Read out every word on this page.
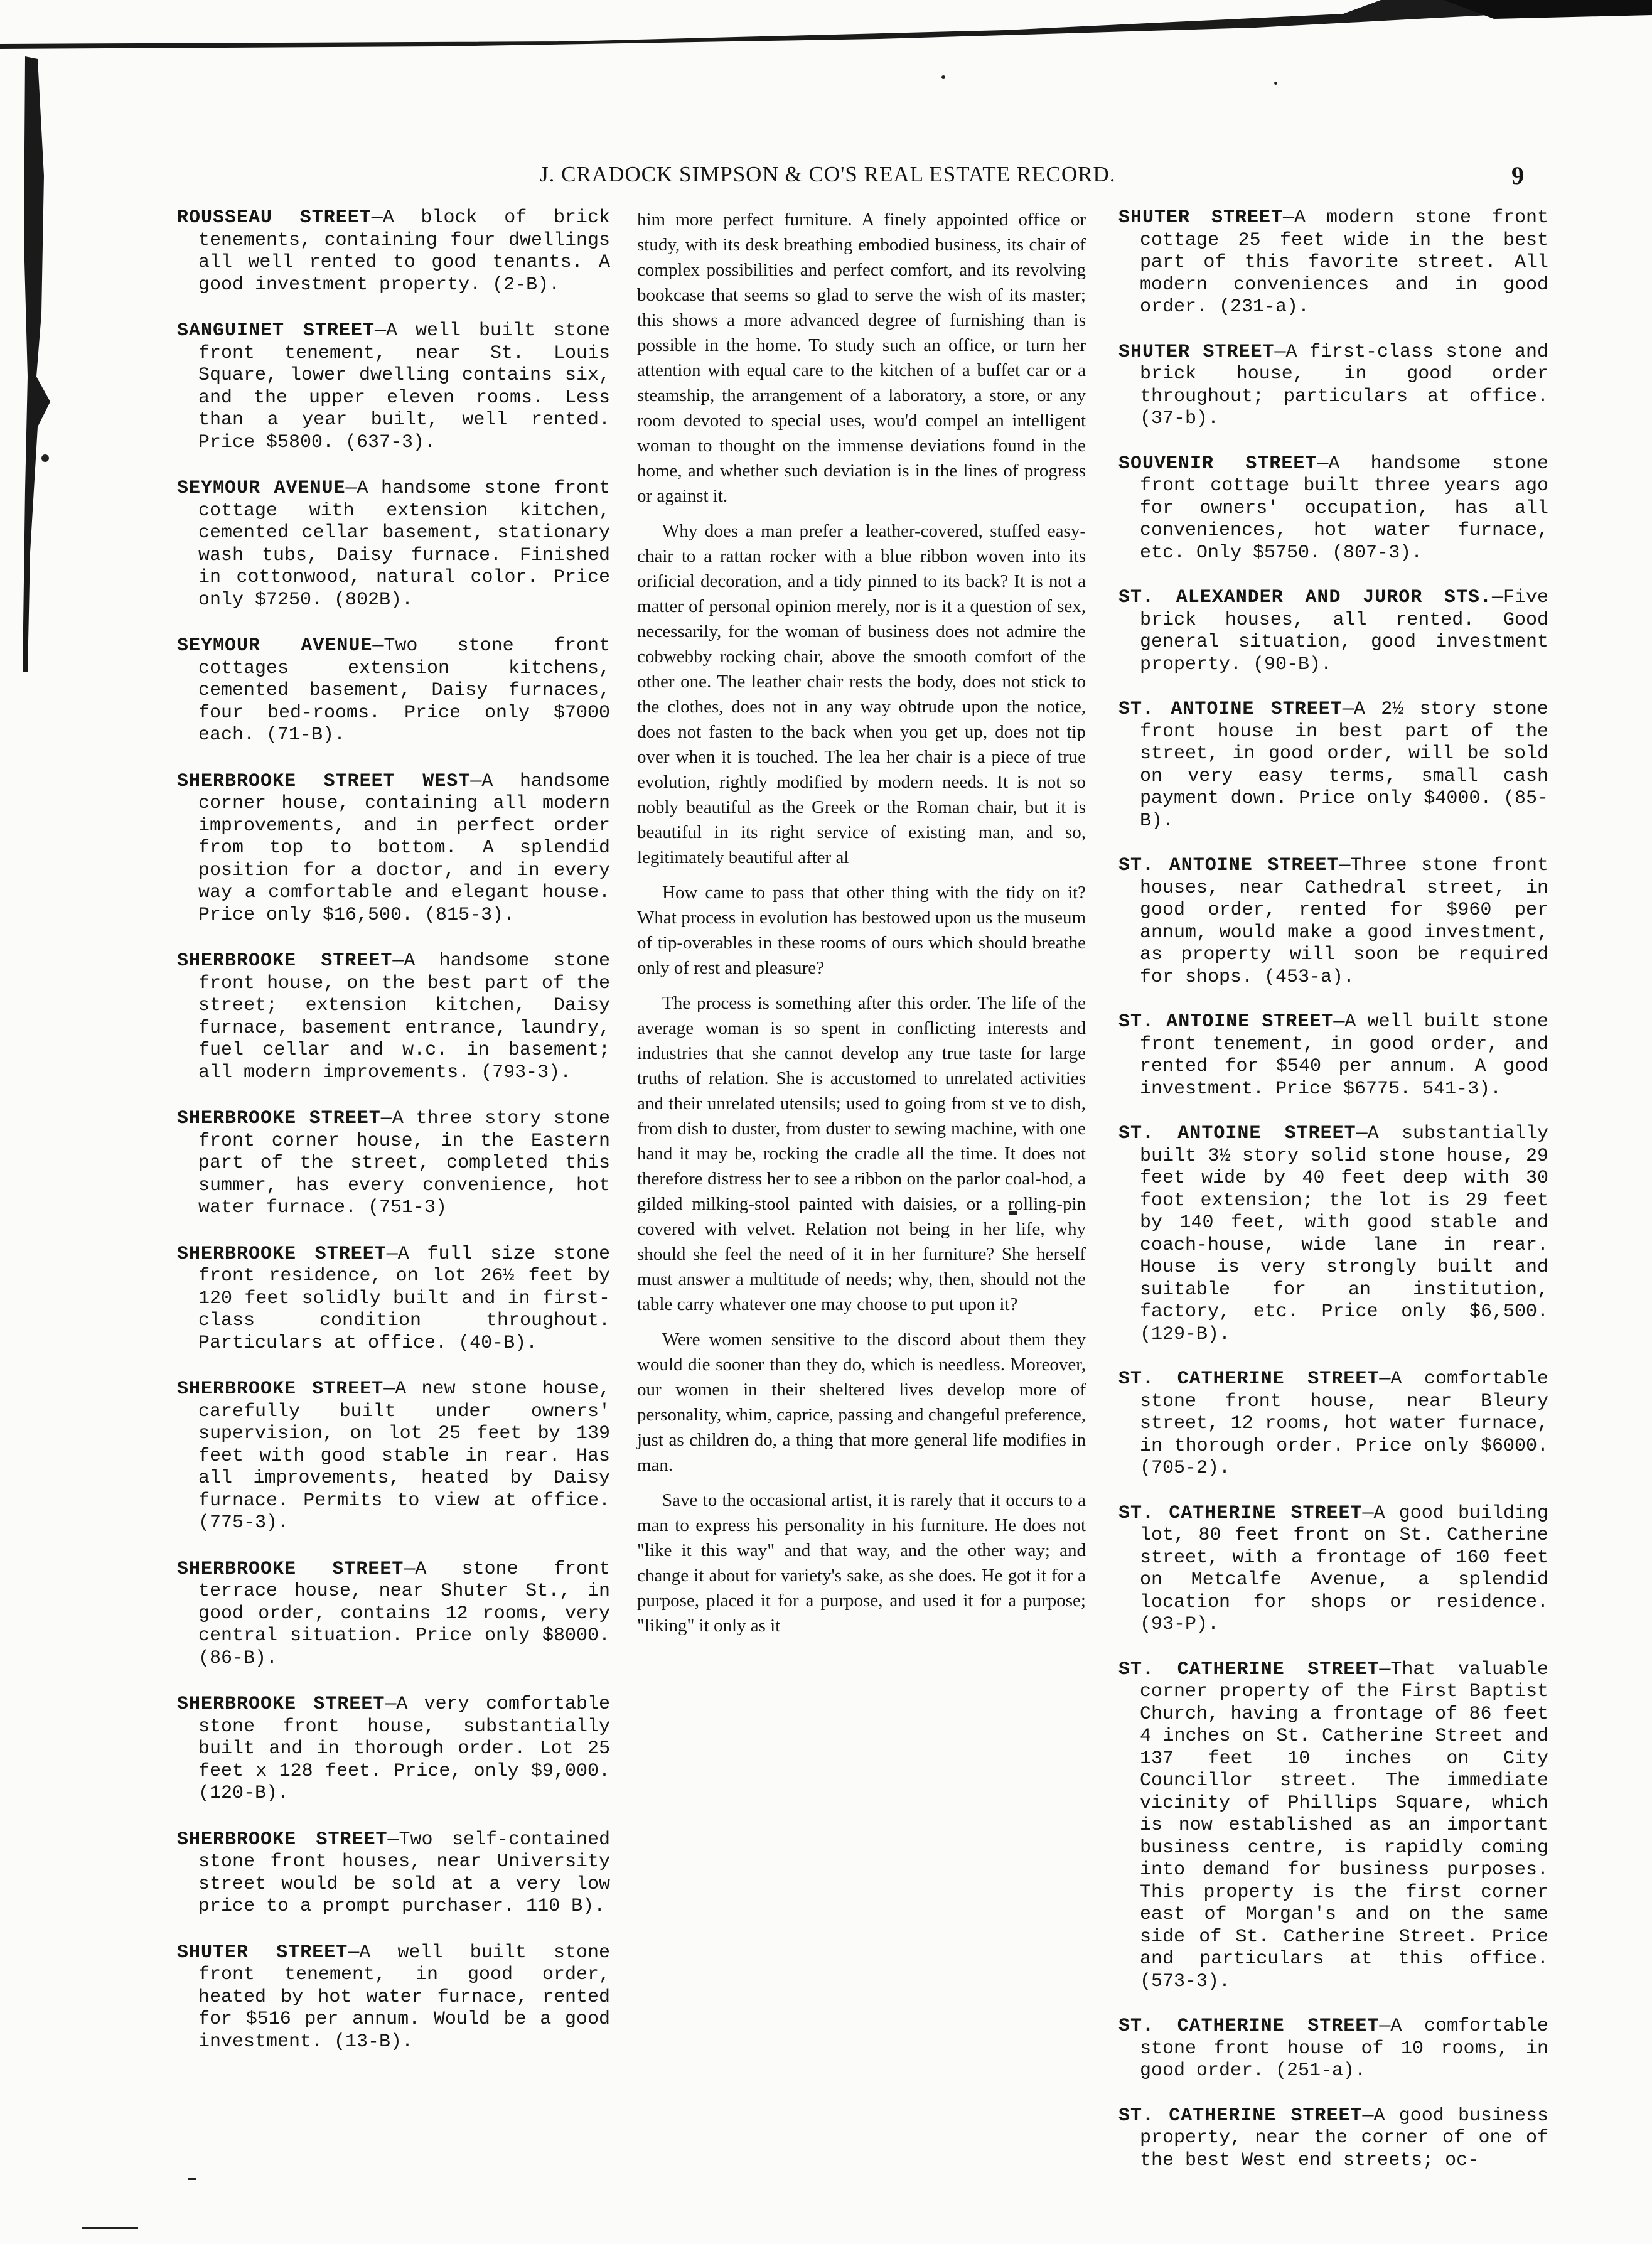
J. CRADOCK SIMPSON & CO'S REAL ESTATE RECORD.	9
ROUSSEAU STREET—A block of brick tenements, containing four dwellings all well rented to good tenants. A good investment property. (2-B).
SANGUINET STREET—A well built stone front tenement, near St. Louis Square, lower dwelling contains six, and the upper eleven rooms. Less than a year built, well rented. Price $5800. (637-3).
SEYMOUR AVENUE—A handsome stone front cottage with extension kitchen, cemented cellar basement, stationary wash tubs, Daisy furnace. Finished in cottonwood, natural color. Price only $7250. (802B).
SEYMOUR AVENUE—Two stone front cottages extension kitchens, cemented basement, Daisy furnaces, four bed-rooms. Price only $7000 each. (71-B).
SHERBROOKE STREET WEST—A handsome corner house, containing all modern improvements, and in perfect order from top to bottom. A splendid position for a doctor, and in every way a comfortable and elegant house. Price only $16,500. (815-3).
SHERBROOKE STREET—A handsome stone front house, on the best part of the street; extension kitchen, Daisy furnace, basement entrance, laundry, fuel cellar and w.c. in basement; all modern improvements. (793-3).
SHERBROOKE STREET—A three story stone front corner house, in the Eastern part of the street, completed this summer, has every convenience, hot water furnace. (751-3)
SHERBROOKE STREET—A full size stone front residence, on lot 26½ feet by 120 feet solidly built and in first-class condition throughout. Particulars at office. (40-B).
SHERBROOKE STREET—A new stone house, carefully built under owners' supervision, on lot 25 feet by 139 feet with good stable in rear. Has all improvements, heated by Daisy furnace. Permits to view at office. (775-3).
SHERBROOKE STREET—A stone front terrace house, near Shuter St., in good order, contains 12 rooms, very central situation. Price only $8000. (86-B).
SHERBROOKE STREET—A very comfortable stone front house, substantially built and in thorough order. Lot 25 feet x 128 feet. Price, only $9,000. (120-B).
SHERBROOKE STREET—Two self-contained stone front houses, near University street would be sold at a very low price to a prompt purchaser. 110 B).
SHUTER STREET—A well built stone front tenement, in good order, heated by hot water furnace, rented for $516 per annum. Would be a good investment. (13-B).

him more perfect furniture. A finely appointed office or study, with its desk breathing embodied business, its chair of complex possibilities and perfect comfort, and its revolving bookcase that seems so glad to serve the wish of its master; this shows a more advanced degree of furnishing than is possible in the home. To study such an office, or turn her attention with equal care to the kitchen of a buffet car or a steamship, the arrangement of a laboratory, a store, or any room devoted to special uses, wou'd compel an intelligent woman to thought on the immense deviations found in the home, and whether such deviation is in the lines of progress or against it.

Why does a man prefer a leather-covered, stuffed easy-chair to a rattan rocker with a blue ribbon woven into its orificial decoration, and a tidy pinned to its back? It is not a matter of personal opinion merely, nor is it a question of sex, necessarily, for the woman of business does not admire the cobwebby rocking chair, above the smooth comfort of the other one. The leather chair rests the body, does not stick to the clothes, does not in any way obtrude upon the notice, does not fasten to the back when you get up, does not tip over when it is touched. The lea her chair is a piece of true evolution, rightly modified by modern needs. It is not so nobly beautiful as the Greek or the Roman chair, but it is beautiful in its right service of existing man, and so, legitimately beautiful after al

How came to pass that other thing with the tidy on it? What process in evolution has bestowed upon us the museum of tip-overables in these rooms of ours which should breathe only of rest and pleasure?

The process is something after this order. The life of the average woman is so spent in conflicting interests and industries that she cannot develop any true taste for large truths of relation. She is accustomed to unrelated activities and their unrelated utensils; used to going from st ve to dish, from dish to duster, from duster to sewing machine, with one hand it may be, rocking the cradle all the time. It does not therefore distress her to see a ribbon on the parlor coal-hod, a gilded milking-stool painted with daisies, or a rolling-pin covered with velvet. Relation not being in her life, why should she feel the need of it in her furniture? She herself must answer a multitude of needs; why, then, should not the table carry whatever one may choose to put upon it?

Were women sensitive to the discord about them they would die sooner than they do, which is needless. Moreover, our women in their sheltered lives develop more of personality, whim, caprice, passing and changeful preference, just as children do, a thing that more general life modifies in man.

Save to the occasional artist, it is rarely that it occurs to a man to express his personality in his furniture. He does not "like it this way" and that way, and the other way; and change it about for variety's sake, as she does. He got it for a purpose, placed it for a purpose, and used it for a purpose; "liking" it only as it

SHUTER STREET—A modern stone front cottage 25 feet wide in the best part of this favorite street. All modern conveniences and in good order. (231-a).
SHUTER STREET—A first-class stone and brick house, in good order throughout; particulars at office. (37-b).
SOUVENIR STREET—A handsome stone front cottage built three years ago for owners' occupation, has all conveniences, hot water furnace, etc. Only $5750. (807-3).
ST. ALEXANDER AND JUROR STS.—Five brick houses, all rented. Good general situation, good investment property. (90-B).
ST. ANTOINE STREET—A 2½ story stone front house in best part of the street, in good order, will be sold on very easy terms, small cash payment down. Price only $4000. (85-B).
ST. ANTOINE STREET—Three stone front houses, near Cathedral street, in good order, rented for $960 per annum, would make a good investment, as property will soon be required for shops. (453-a).
ST. ANTOINE STREET—A well built stone front tenement, in good order, and rented for $540 per annum. A good investment. Price $6775. 541-3).
ST. ANTOINE STREET—A substantially built 3½ story solid stone house, 29 feet wide by 40 feet deep with 30 foot extension; the lot is 29 feet by 140 feet, with good stable and coach-house, wide lane in rear. House is very strongly built and suitable for an institution, factory, etc. Price only $6,500. (129-B).
ST. CATHERINE STREET—A comfortable stone front house, near Bleury street, 12 rooms, hot water furnace, in thorough order. Price only $6000. (705-2).
ST. CATHERINE STREET—A good building lot, 80 feet front on St. Catherine street, with a frontage of 160 feet on Metcalfe Avenue, a splendid location for shops or residence. (93-P).
ST. CATHERINE STREET—That valuable corner property of the First Baptist Church, having a frontage of 86 feet 4 inches on St. Catherine Street and 137 feet 10 inches on City Councillor street. The immediate vicinity of Phillips Square, which is now established as an important business centre, is rapidly coming into demand for business purposes. This property is the first corner east of Morgan's and on the same side of St. Catherine Street. Price and particulars at this office. (573-3).
ST. CATHERINE STREET—A comfortable stone front house of 10 rooms, in good order. (251-a).
ST. CATHERINE STREET—A good business property, near the corner of one of the best West end streets; oc-
